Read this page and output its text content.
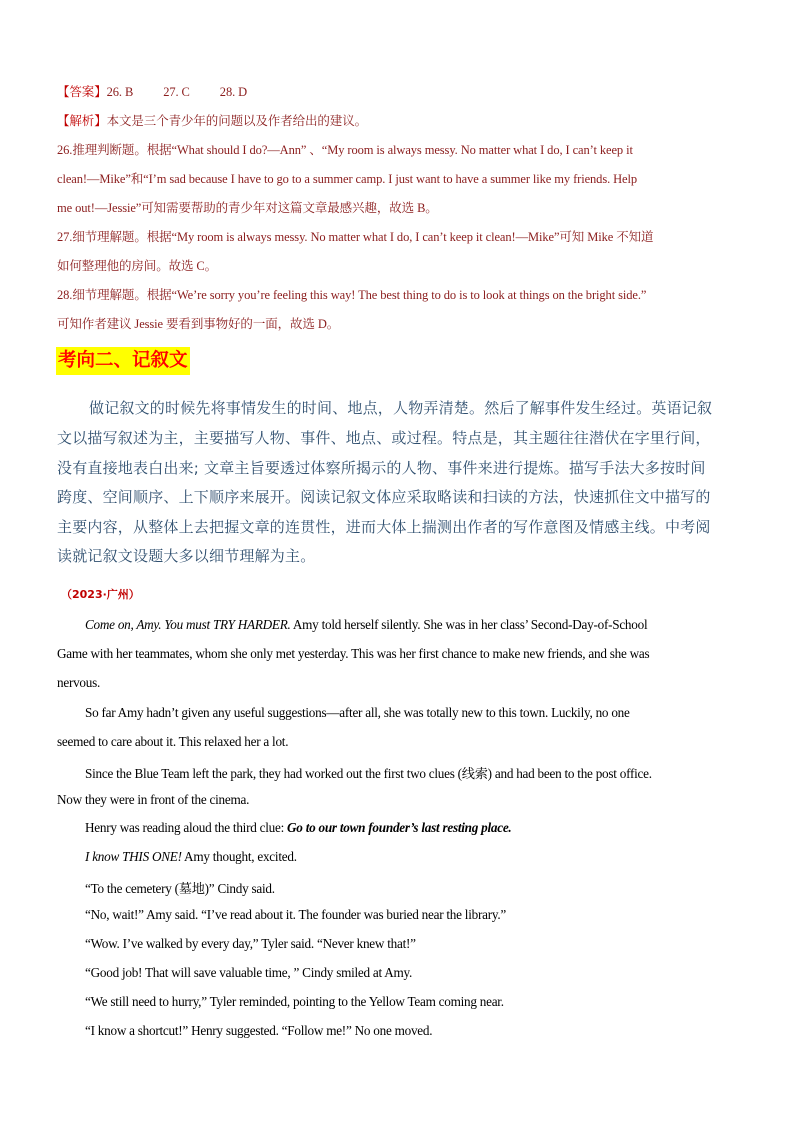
【答案】26. B 27. C 28. D
【解析】本文是三个青少年的问题以及作者给出的建议。
26.推理判断题。根据“What should I do?—Ann” 、“My room is always messy. No matter what I do, I can’t keep it
clean!—Mike”和“I’m sad because I have to go to a summer camp. I just want to have a summer like my friends. Help
me out!—Jessie”可知需要帮助的青少年对这篇文章最感兴趣，故选 B。
27.细节理解题。根据“My room is always messy. No matter what I do, I can’t keep it clean!—Mike”可知 Mike 不知道
如何整理他的房间。故选 C。
28.细节理解题。根据“We’re sorry you’re feeling this way! The best thing to do is to look at things on the bright side.”
可知作者建议 Jessie 要看到事物好的一面，故选 D。
考向二、记叙文
做记叙文的时候先将事情发生的时间、地点，人物弄清楚。然后了解事件发生经过。英语记叙
文以描写叙述为主，主要描写人物、事件、地点、或过程。特点是，其主题往往潜伏在字里行间，
没有直接地表白出来; 文章主旨要透过体察所揭示的人物、事件来进行提炼。描写手法大多按时间
跨度、空间顺序、上下顺序来展开。阅读记叙文体应采取略读和扫读的方法，快速抓住文中描写的
主要内容，从整体上去把握文章的连贯性，进而大体上揣测出作者的写作意图及情感主线。中考阅
读就记叙文设题大多以细节理解为主。
（2023·广州）
Come on, Amy. You must TRY HARDER. Amy told herself silently. She was in her class’ Second-Day-of-School
Game with her teammates, whom she only met yesterday. This was her first chance to make new friends, and she was
nervous.
So far Amy hadn’t given any useful suggestions—after all, she was totally new to this town. Luckily, no one
seemed to care about it. This relaxed her a lot.
Since the Blue Team left the park, they had worked out the first two clues (线索) and had been to the post office.
Now they were in front of the cinema.
Henry was reading aloud the third clue: Go to our town founder’s last resting place.
I know THIS ONE! Amy thought, excited.
“To the cemetery (墓地)” Cindy said.
“No, wait!” Amy said. “I’ve read about it. The founder was buried near the library.”
“Wow. I’ve walked by every day,” Tyler said. “Never knew that!”
“Good job! That will save valuable time, ” Cindy smiled at Amy.
“We still need to hurry,” Tyler reminded, pointing to the Yellow Team coming near.
“I know a shortcut!” Henry suggested. “Follow me!” No one moved.
